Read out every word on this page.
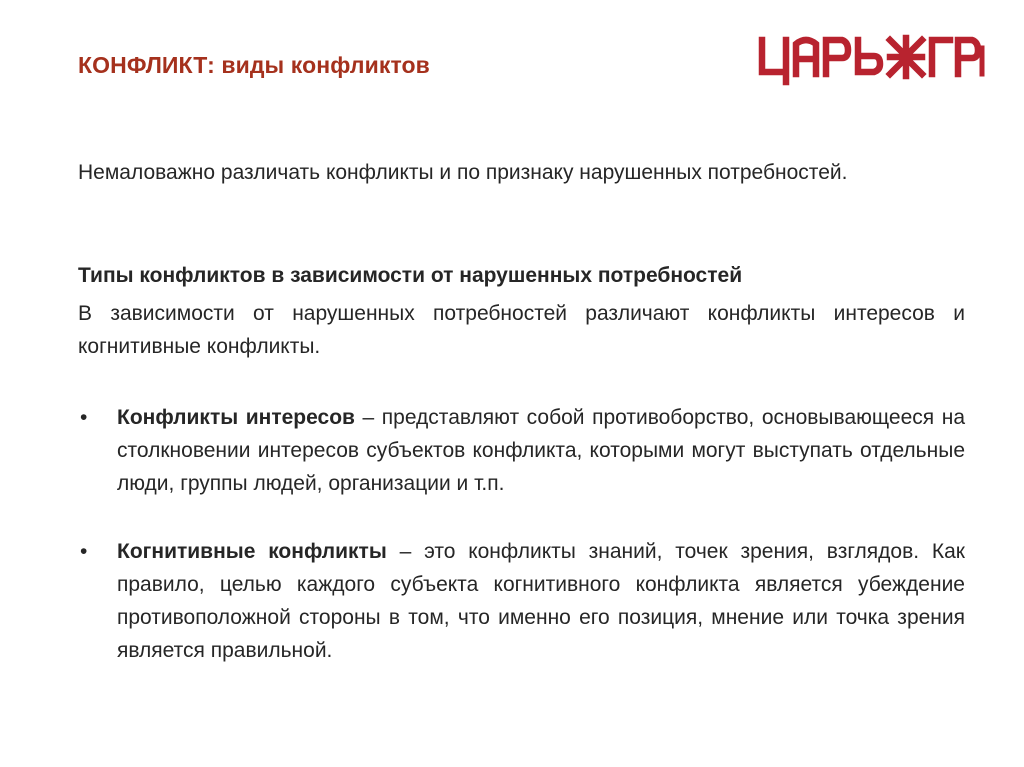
КОНФЛИКТ: виды конфликтов

Немаловажно различать конфликты и по признаку нарушенных потребностей.

Типы конфликтов в зависимости от нарушенных потребностей

В зависимости от нарушенных потребностей различают конфликты интересов и когнитивные конфликты.

• Конфликты интересов – представляют собой противоборство, основывающееся на столкновении интересов субъектов конфликта, которыми могут выступать отдельные люди, группы людей, организации и т.п.
• Когнитивные конфликты – это конфликты знаний, точек зрения, взглядов. Как правило, целью каждого субъекта когнитивного конфликта является убеждение противоположной стороны в том, что именно его позиция, мнение или точка зрения является правильной.
